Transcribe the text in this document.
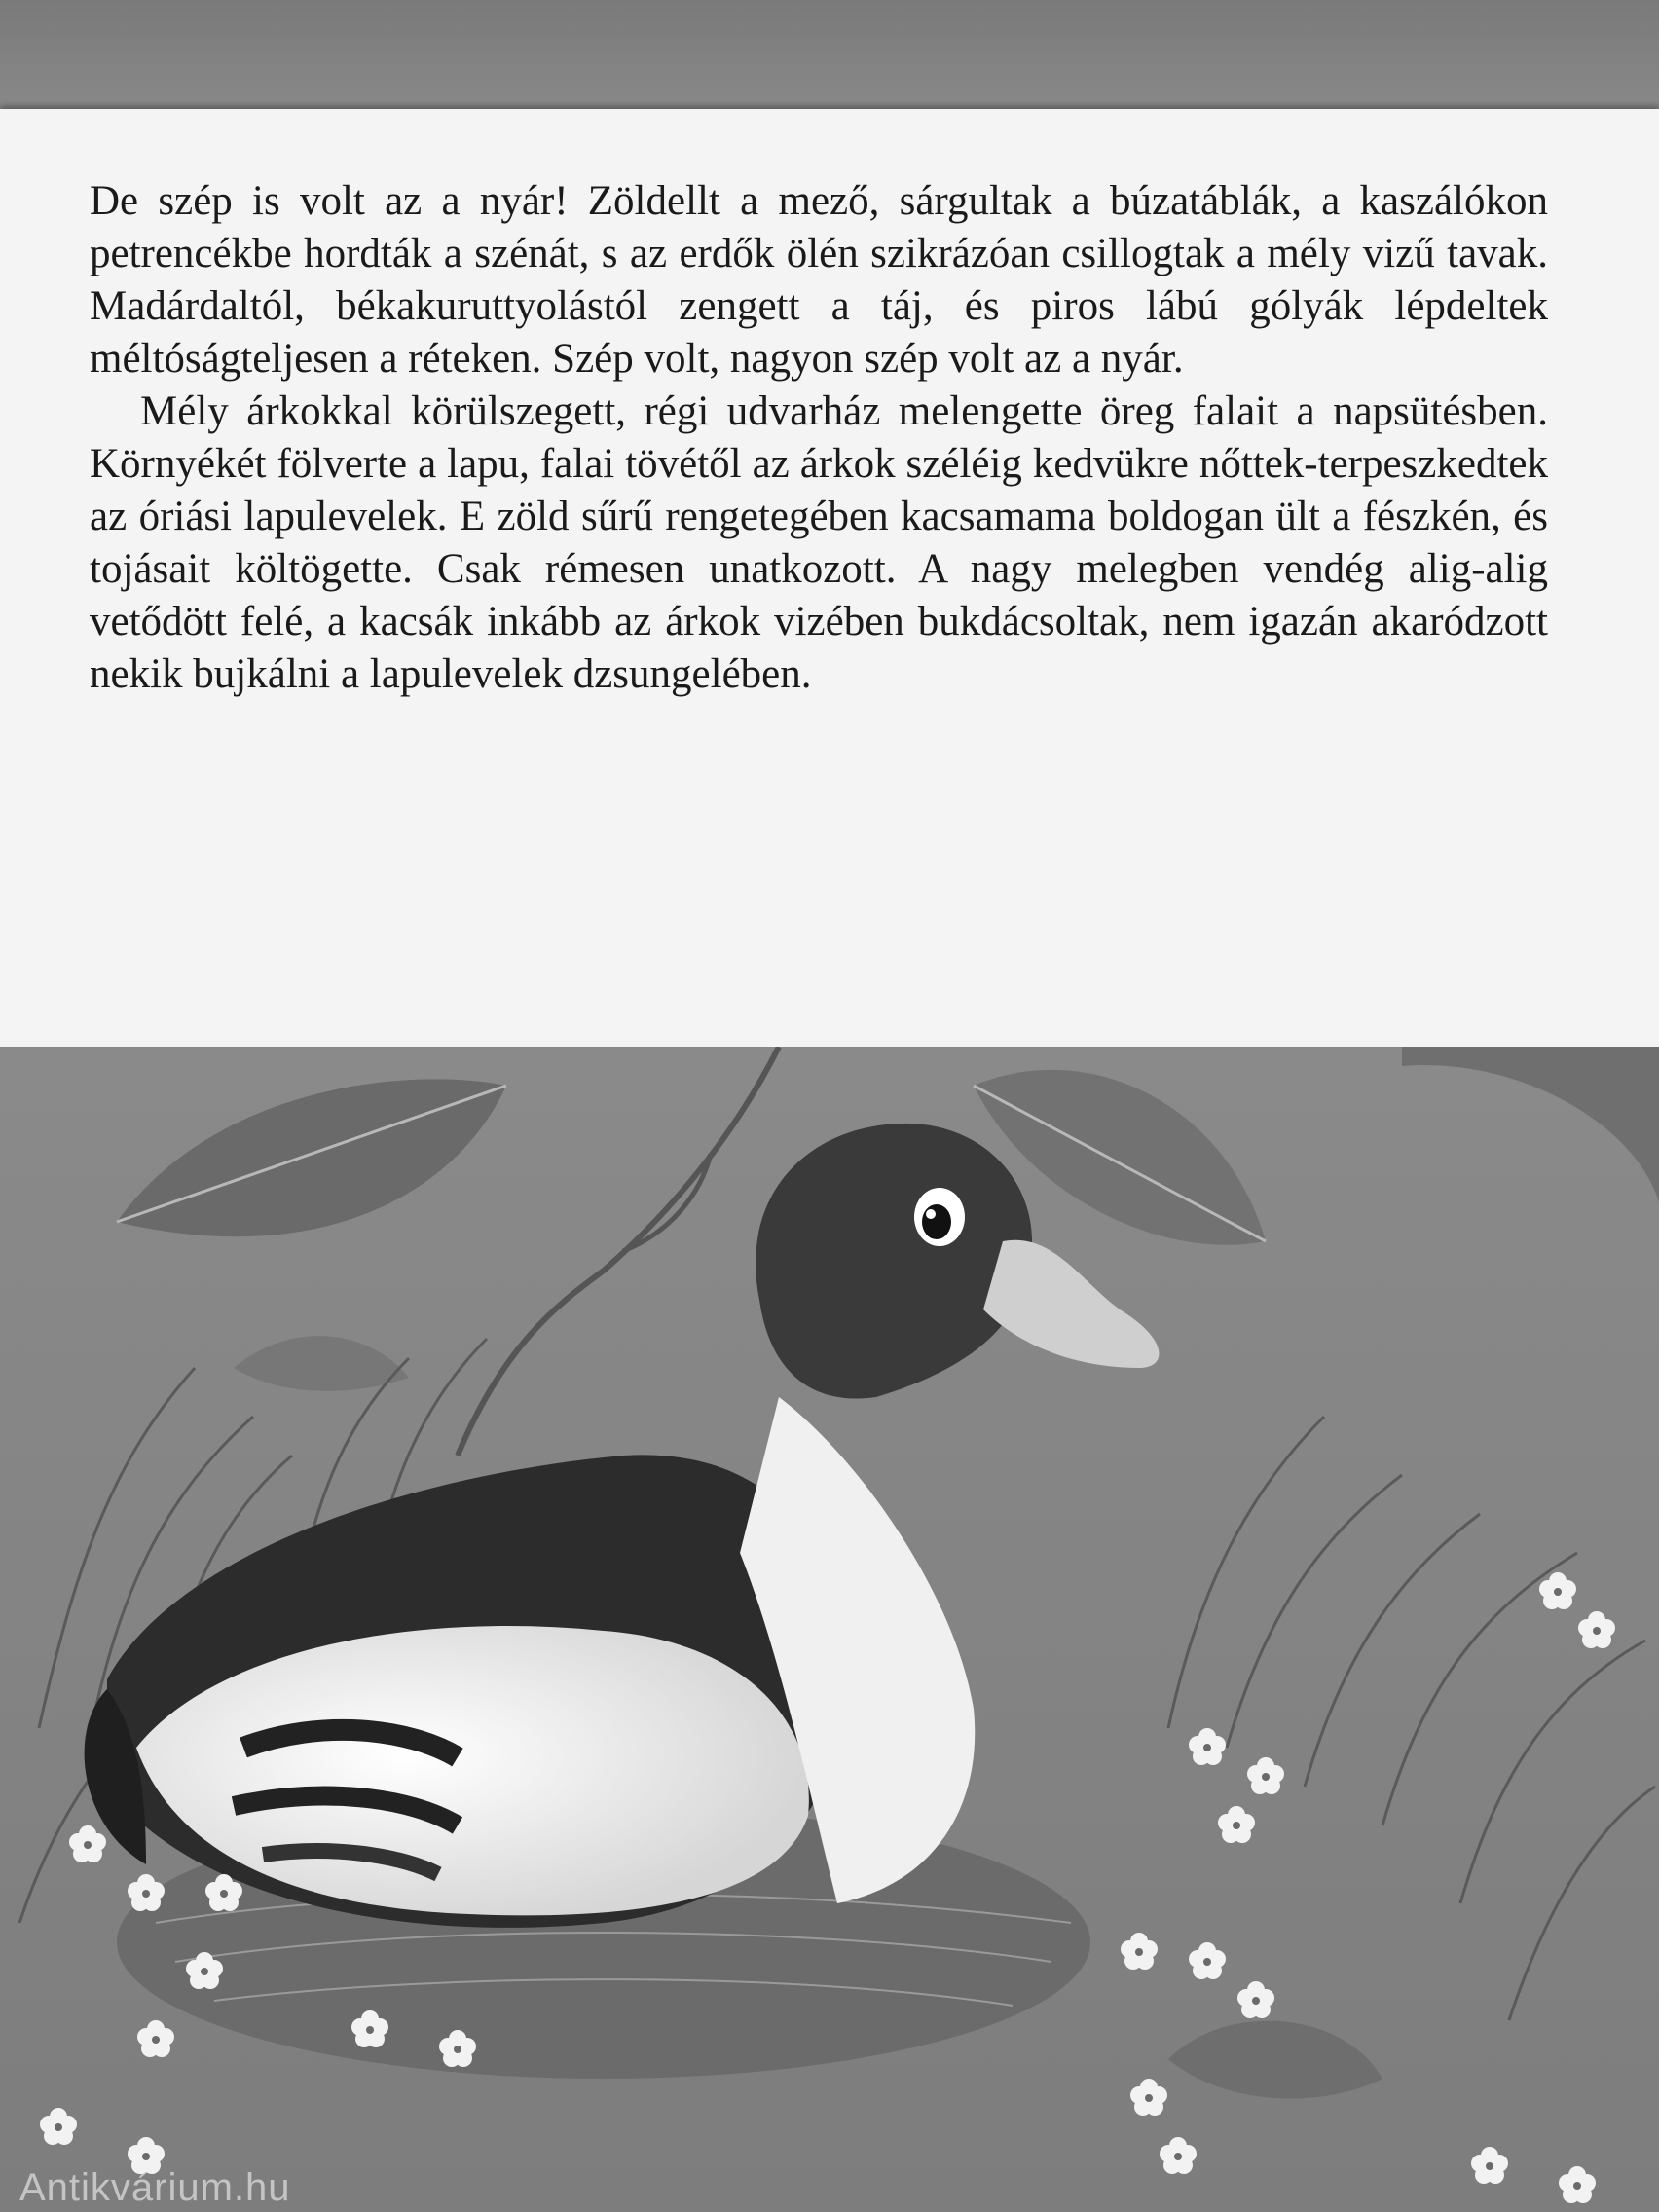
De szép is volt az a nyár! Zöldellt a mező, sárgultak a búzatáblák, a kaszálókon petrencékbe hordták a szénát, s az erdők ölén szikrázóan csillogtak a mély vizű tavak. Madárdaltól, békakuruttyolástól zengett a táj, és piros lábú gólyák lépdeltek méltóságteljesen a réteken. Szép volt, nagyon szép volt az a nyár.

Mély árkokkal körülszegett, régi udvarház melengette öreg falait a napsütésben. Környékét fölverte a lapu, falai tövétől az árkok széléig kedvükre nőttek-terpeszkedtek az óriási lapulevelek. E zöld sűrű rengetegében kacsamama boldogan ült a fészkén, és tojásait költögette. Csak rémesen unatkozott. A nagy melegben vendég alig-alig vetődött felé, a kacsák inkább az árkok vizében bukdácsoltak, nem igazán akaródzott nekik bujkálni a lapulevelek dzsungelében.

Antikvárium.hu
